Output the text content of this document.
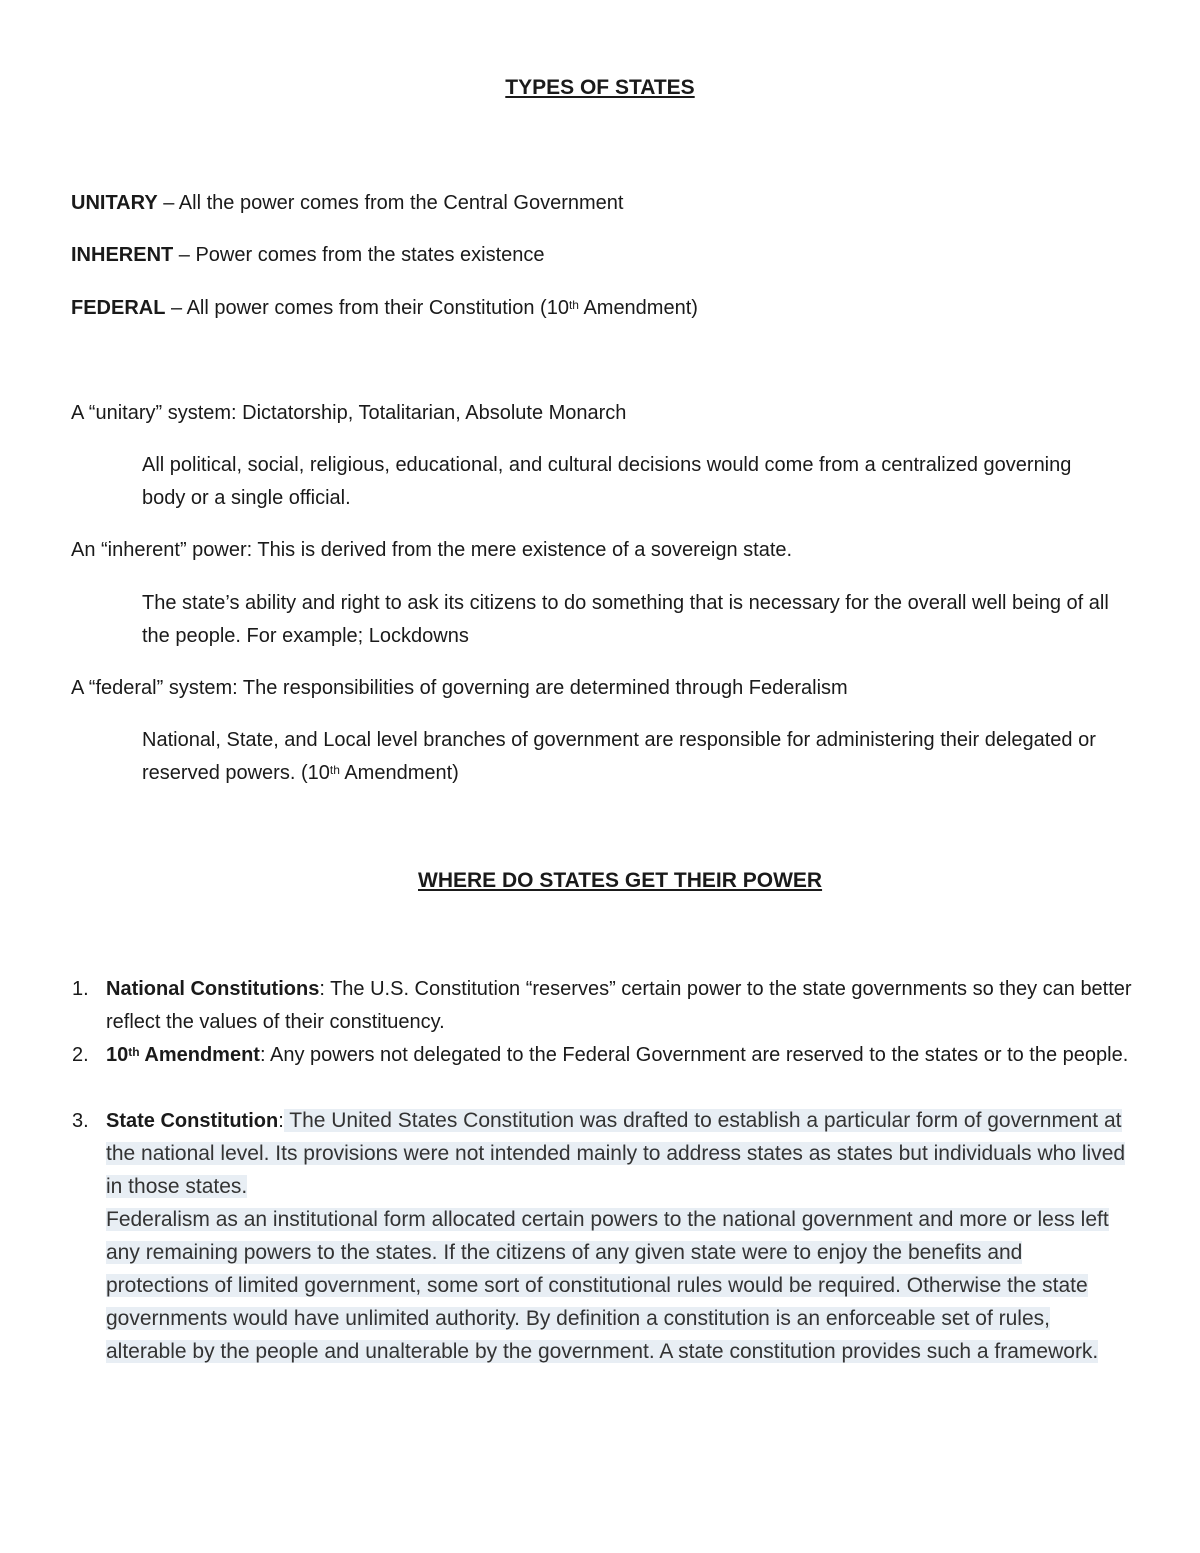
TYPES OF STATES
UNITARY – All the power comes from the Central Government
INHERENT – Power comes from the states existence
FEDERAL – All power comes from their Constitution (10th Amendment)
A “unitary” system: Dictatorship, Totalitarian, Absolute Monarch
All political, social, religious, educational, and cultural decisions would come from a centralized governing body or a single official.
An “inherent” power: This is derived from the mere existence of a sovereign state.
The state’s ability and right to ask its citizens to do something that is necessary for the overall well being of all the people. For example; Lockdowns
A “federal” system: The responsibilities of governing are determined through Federalism
National, State, and Local level branches of government are responsible for administering their delegated or reserved powers. (10th Amendment)
WHERE DO STATES GET THEIR POWER
1. National Constitutions: The U.S. Constitution “reserves” certain power to the state governments so they can better reflect the values of their constituency.
2. 10th Amendment: Any powers not delegated to the Federal Government are reserved to the states or to the people.
3. State Constitution: The United States Constitution was drafted to establish a particular form of government at the national level. Its provisions were not intended mainly to address states as states but individuals who lived in those states.
Federalism as an institutional form allocated certain powers to the national government and more or less left any remaining powers to the states. If the citizens of any given state were to enjoy the benefits and protections of limited government, some sort of constitutional rules would be required. Otherwise the state governments would have unlimited authority. By definition a constitution is an enforceable set of rules, alterable by the people and unalterable by the government. A state constitution provides such a framework.
